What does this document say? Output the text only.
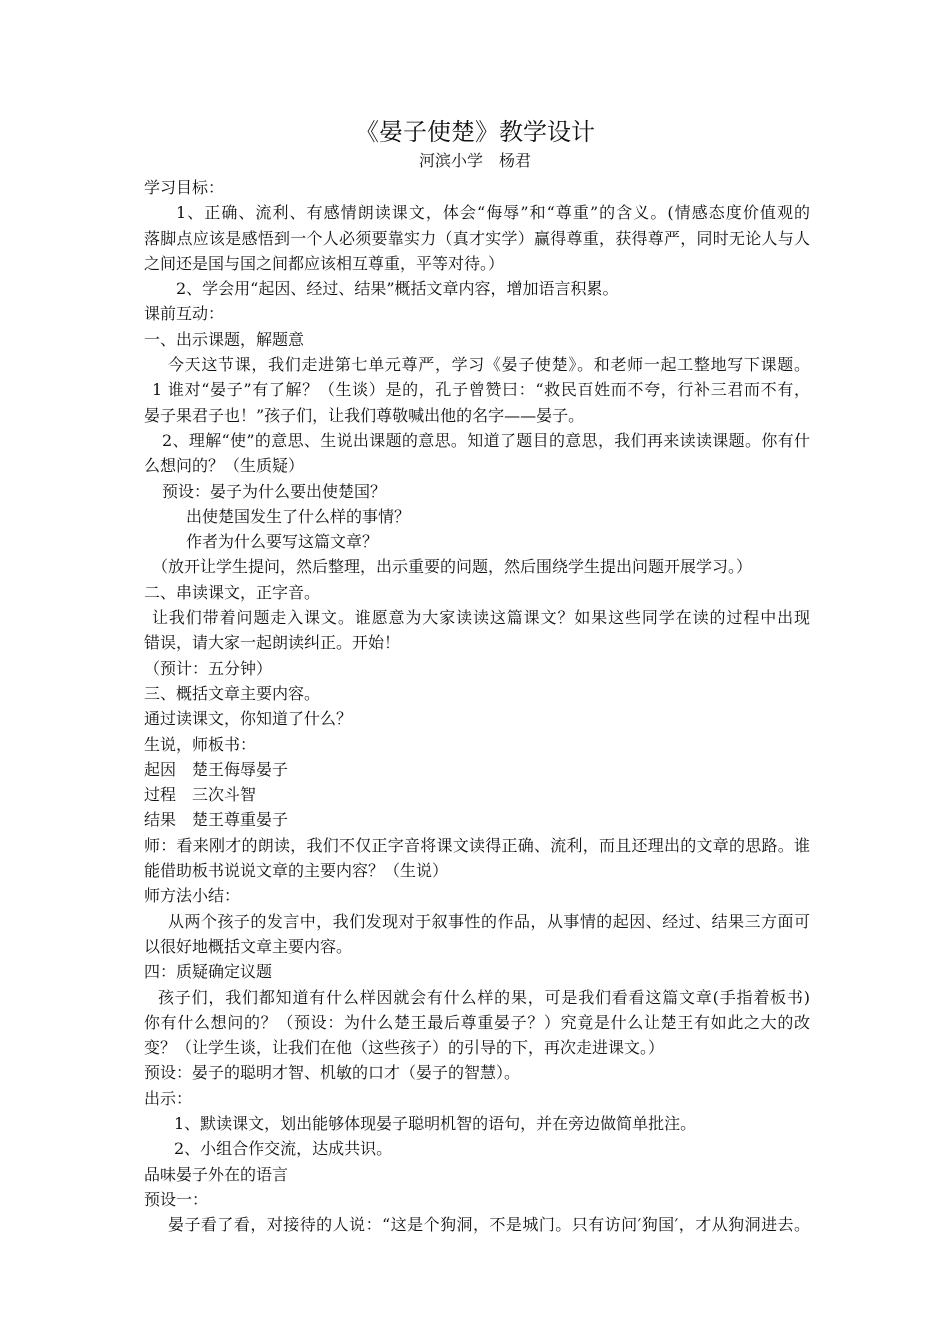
《晏子使楚》教学设计
河滨小学　杨君
学习目标：
1、正确、流利、有感情朗读课文，体会“侮辱”和“尊重”的含义。(情感态度价值观的
落脚点应该是感悟到一个人必须要靠实力（真才实学）赢得尊重，获得尊严，同时无论人与人
之间还是国与国之间都应该相互尊重，平等对待。）
2、学会用“起因、经过、结果”概括文章内容，增加语言积累。
课前互动：
一、出示课题，解题意
今天这节课，我们走进第七单元尊严，学习《晏子使楚》。和老师一起工整地写下课题。
1 谁对“晏子”有了解？（生谈）是的，孔子曾赞曰：“救民百姓而不夸，行补三君而不有，
晏子果君子也！”孩子们，让我们尊敬喊出他的名字——晏子。
2、理解“使”的意思、生说出课题的意思。知道了题目的意思，我们再来读读课题。你有什
么想问的？（生质疑）
预设：晏子为什么要出使楚国？
出使楚国发生了什么样的事情？
作者为什么要写这篇文章？
（放开让学生提问，然后整理，出示重要的问题，然后围绕学生提出问题开展学习。）
二、串读课文，正字音。
让我们带着问题走入课文。谁愿意为大家读读这篇课文？如果这些同学在读的过程中出现
错误，请大家一起朗读纠正。开始！
（预计：五分钟）
三、概括文章主要内容。
通过读课文，你知道了什么？
生说，师板书：
起因　楚王侮辱晏子
过程　三次斗智
结果　楚王尊重晏子
师：看来刚才的朗读，我们不仅正字音将课文读得正确、流利，而且还理出的文章的思路。谁
能借助板书说说文章的主要内容？（生说）
师方法小结：
从两个孩子的发言中，我们发现对于叙事性的作品，从事情的起因、经过、结果三方面可
以很好地概括文章主要内容。
四：质疑确定议题
孩子们，我们都知道有什么样因就会有什么样的果，可是我们看看这篇文章(手指着板书)
你有什么想问的？（预设：为什么楚王最后尊重晏子？）究竟是什么让楚王有如此之大的改
变？（让学生谈，让我们在他（这些孩子）的引导的下，再次走进课文。）
预设：晏子的聪明才智、机敏的口才（晏子的智慧）。
出示：
1、默读课文，划出能够体现晏子聪明机智的语句，并在旁边做简单批注。
2、小组合作交流，达成共识。
品味晏子外在的语言
预设一：
晏子看了看，对接待的人说：“这是个狗洞，不是城门。只有访问′狗国′，才从狗洞进去。
